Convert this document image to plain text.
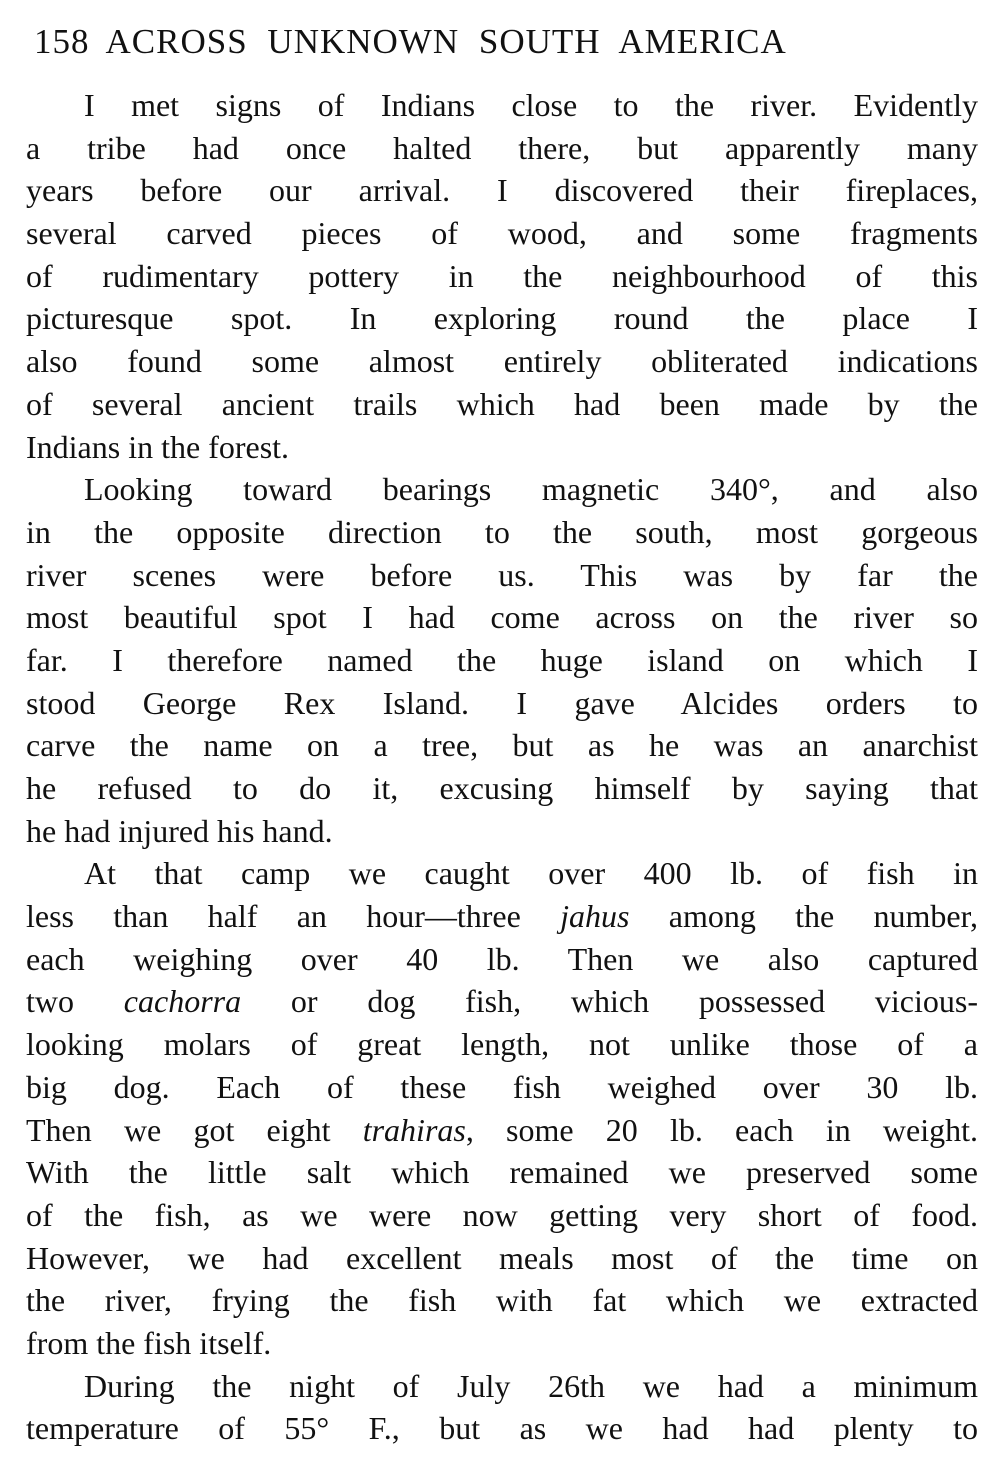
158 ACROSS UNKNOWN SOUTH AMERICA
I met signs of Indians close to the river. Evidently
a tribe had once halted there, but apparently many
years before our arrival. I discovered their fireplaces,
several carved pieces of wood, and some fragments
of rudimentary pottery in the neighbourhood of this
picturesque spot. In exploring round the place I
also found some almost entirely obliterated indications
of several ancient trails which had been made by the
Indians in the forest.
Looking toward bearings magnetic 340°, and also
in the opposite direction to the south, most gorgeous
river scenes were before us. This was by far the
most beautiful spot I had come across on the river so
far. I therefore named the huge island on which I
stood George Rex Island. I gave Alcides orders to
carve the name on a tree, but as he was an anarchist
he refused to do it, excusing himself by saying that
he had injured his hand.
At that camp we caught over 400 lb. of fish in
less than half an hour—three jahus among the number,
each weighing over 40 lb. Then we also captured
two cachorra or dog fish, which possessed vicious-
looking molars of great length, not unlike those of a
big dog. Each of these fish weighed over 30 lb.
Then we got eight trahiras, some 20 lb. each in weight.
With the little salt which remained we preserved some
of the fish, as we were now getting very short of food.
However, we had excellent meals most of the time on
the river, frying the fish with fat which we extracted
from the fish itself.
During the night of July 26th we had a minimum
temperature of 55° F., but as we had had plenty to
